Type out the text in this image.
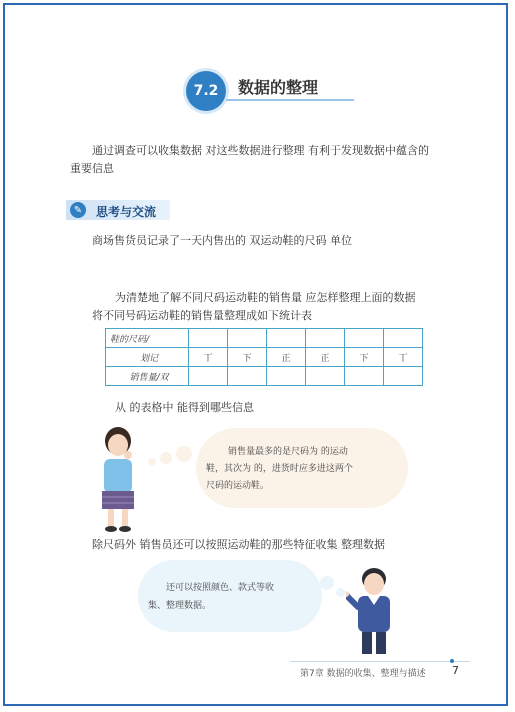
7.2 数据的整理
通过调查可以收集数据 对这些数据进行整理 有利于发现数据中蕴含的
重要信息
✎	思考与交流
商场售货员记录了一天内售出的 双运动鞋的尺码 单位
为清楚地了解不同尺码运动鞋的销售量 应怎样整理上面的数据
将不同号码运动鞋的销售量整理成如下统计表
鞋的尺码/						
划记	丅	下	正	正	下	丅
销售量/双						
从 的表格中 能得到哪些信息
销售量最多的是尺码为 的运动
鞋，其次为 的，进货时应多进这两个
尺码的运动鞋。
除尺码外 销售员还可以按照运动鞋的那些特征收集 整理数据
还可以按照颜色、款式等收
集、整理数据。
第7章 数据的收集、整理与描述 7
